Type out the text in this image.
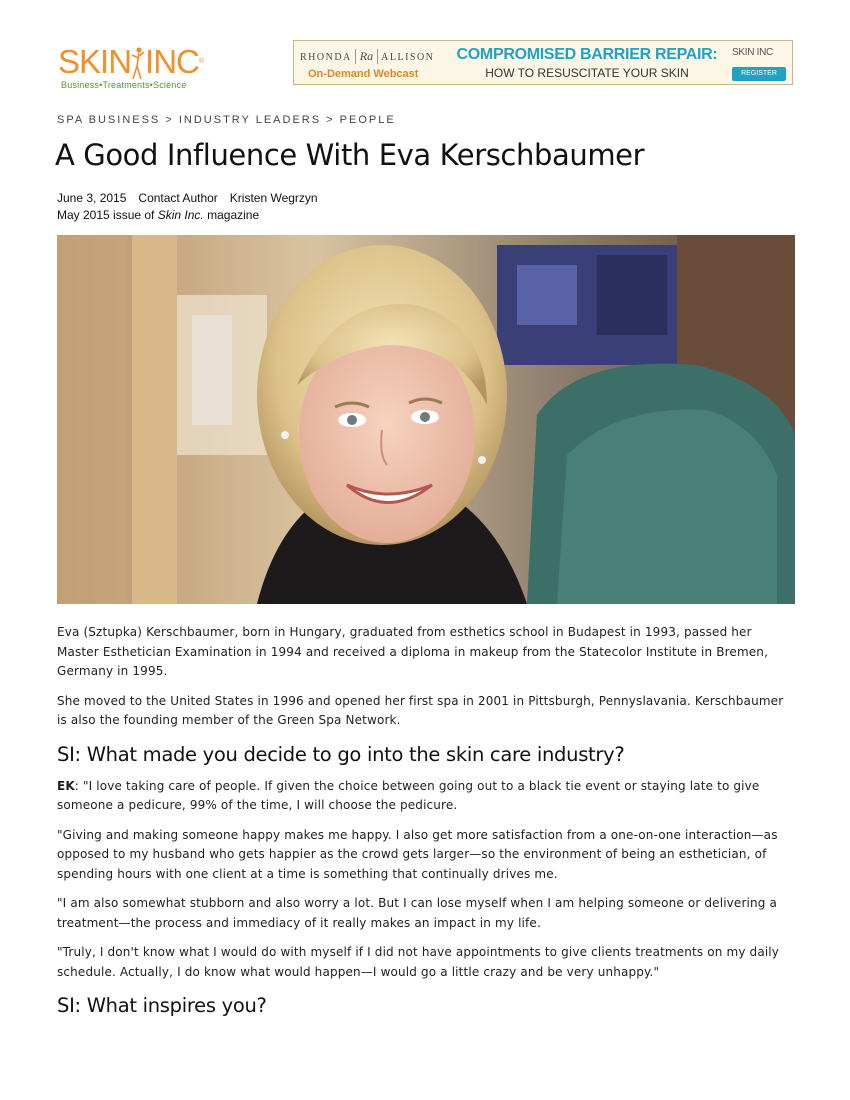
SKIN INC®
Business•Treatments•Science
RHONDA Ra ALLISON
On-Demand Webcast
COMPROMISED BARRIER REPAIR:
HOW TO RESUSCITATE YOUR SKIN
SKIN INC
REGISTER
SPA BUSINESS > INDUSTRY LEADERS > PEOPLE
A Good Influence With Eva Kerschbaumer
June 3, 2015 Contact Author Kristen Wegrzyn
May 2015 issue of Skin Inc. magazine

Eva (Sztupka) Kerschbaumer, born in Hungary, graduated from esthetics school in Budapest in 1993, passed her Master Esthetician Examination in 1994 and received a diploma in makeup from the Statecolor Institute in Bremen, Germany in 1995.

She moved to the United States in 1996 and opened her first spa in 2001 in Pittsburgh, Pennyslavania. Kerschbaumer is also the founding member of the Green Spa Network.

SI: What made you decide to go into the skin care industry?

EK: "I love taking care of people. If given the choice between going out to a black tie event or staying late to give someone a pedicure, 99% of the time, I will choose the pedicure.

"Giving and making someone happy makes me happy. I also get more satisfaction from a one-on-one interaction—as opposed to my husband who gets happier as the crowd gets larger—so the environment of being an esthetician, of spending hours with one client at a time is something that continually drives me.

"I am also somewhat stubborn and also worry a lot. But I can lose myself when I am helping someone or delivering a treatment—the process and immediacy of it really makes an impact in my life.

"Truly, I don't know what I would do with myself if I did not have appointments to give clients treatments on my daily schedule. Actually, I do know what would happen—I would go a little crazy and be very unhappy."

SI: What inspires you?
